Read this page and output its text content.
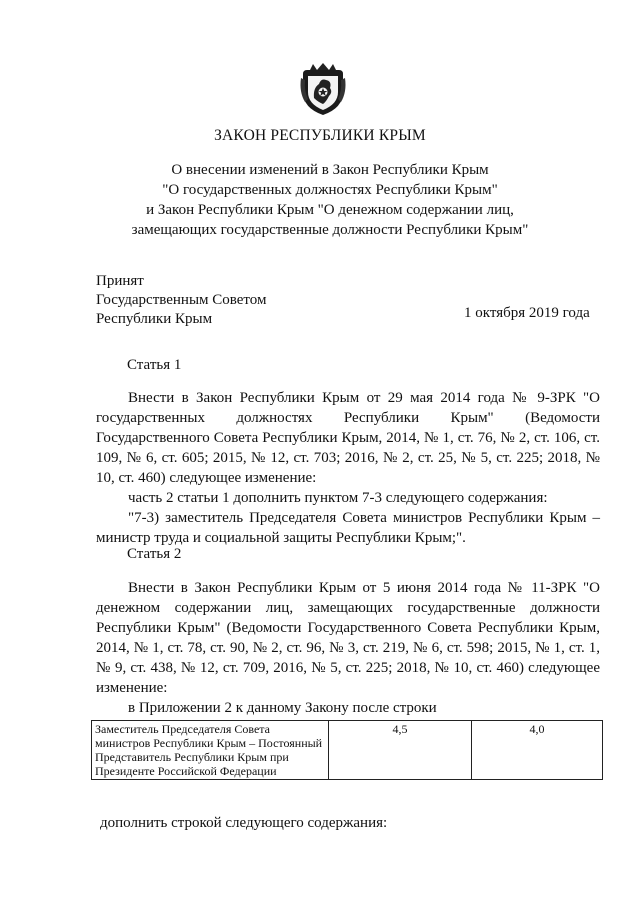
ЗАКОН РЕСПУБЛИКИ КРЫМ
О внесении изменений в Закон Республики Крым
"О государственных должностях Республики Крым"
и Закон Республики Крым "О денежном содержании лиц,
замещающих государственные должности Республики Крым"
Принят
Государственным Советом
Республики Крым	1 октября 2019 года
Статья 1

Внести в Закон Республики Крым от 29 мая 2014 года № 9-ЗРК "О государственных должностях Республики Крым" (Ведомости Государственного Совета Республики Крым, 2014, № 1, ст. 76, № 2, ст. 106, ст. 109, № 6, ст. 605; 2015, № 12, ст. 703; 2016, № 2, ст. 25, № 5, ст. 225; 2018, № 10, ст. 460) следующее изменение:

часть 2 статьи 1 дополнить пунктом 7-3 следующего содержания:

"7-3) заместитель Председателя Совета министров Республики Крым – министр труда и социальной защиты Республики Крым;".

Статья 2

Внести в Закон Республики Крым от 5 июня 2014 года № 11-ЗРК "О денежном содержании лиц, замещающих государственные должности Республики Крым" (Ведомости Государственного Совета Республики Крым, 2014, № 1, ст. 78, ст. 90, № 2, ст. 96, № 3, ст. 219, № 6, ст. 598; 2015, № 1, ст. 1, № 9, ст. 438, № 12, ст. 709, 2016, № 5, ст. 225; 2018, № 10, ст. 460) следующее изменение:

в Приложении 2 к данному Закону после строки

Заместитель Председателя Совета министров Республики Крым – Постоянный Представитель Республики Крым при Президенте Российской Федерации	4,5	4,0
дополнить строкой следующего содержания:
